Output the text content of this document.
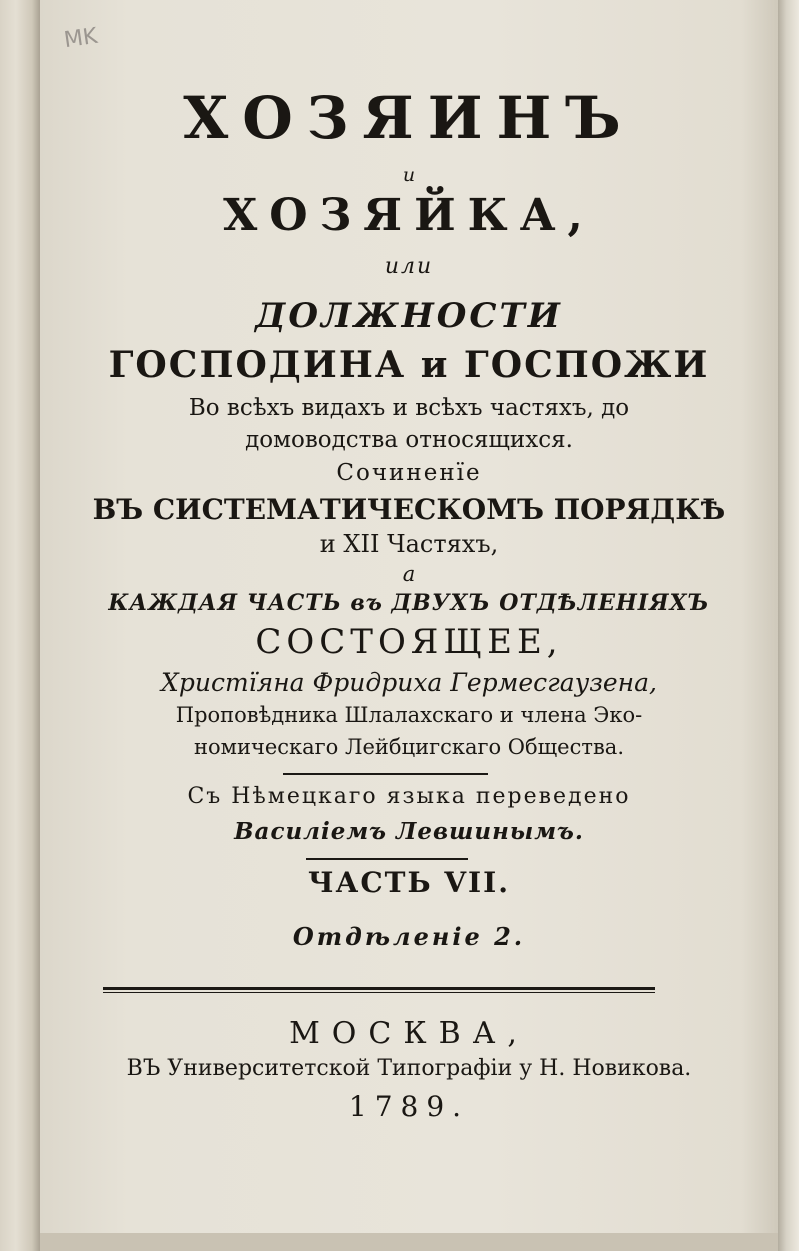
MK
ХОЗЯИНЪ
и
ХОЗЯЙКА,
или
ДОЛЖНОСТИ
ГОСПОДИНА и ГОСПОЖИ
Во всѣхъ видахъ и всѣхъ частяхъ, до
домоводства относящихся.
Сочиненїе
ВЪ СИСТЕМАТИЧЕСКОМЪ ПОРЯДКѢ
и XII Частяхъ,
а
КАЖДАЯ ЧАСТЬ въ ДВУХЪ ОТДѢЛЕНІЯХЪ
СОСТОЯЩЕЕ,
Христїяна Фридриха Гермесгаузена,
Проповѣдника Шлалахскаго и члена Эко-
номическаго Лейбцигскаго Общества.
Съ Нѣмецкаго языка переведено
Василiемъ Левшинымъ.
ЧАСТЬ VII.
Отдѣленie 2.
МОСКВА,
ВЪ Университетской Типографiи у Н. Новикова.
1789.
